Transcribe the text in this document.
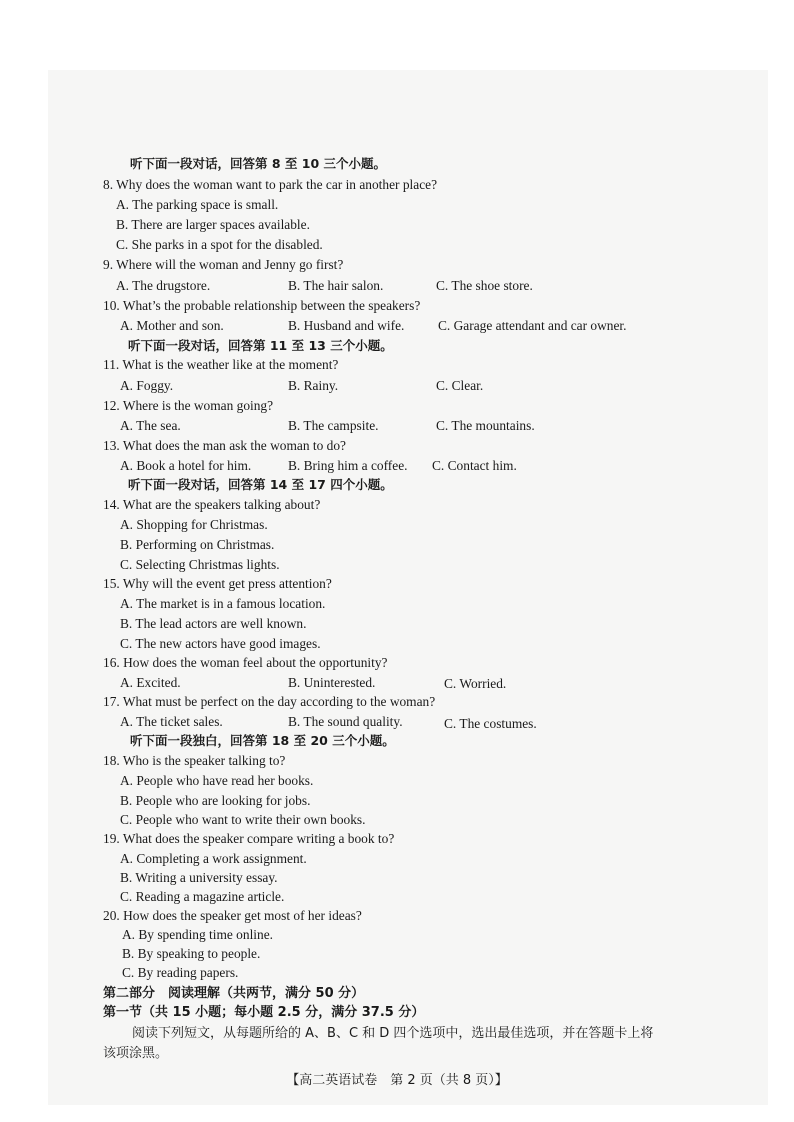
听下面一段对话，回答第 8 至 10 三个小题。
8. Why does the woman want to park the car in another place?
A. The parking space is small.
B. There are larger spaces available.
C. She parks in a spot for the disabled.
9. Where will the woman and Jenny go first?
A. The drugstore.	B. The hair salon.	C. The shoe store.
10. What’s the probable relationship between the speakers?
A. Mother and son.	B. Husband and wife.	C. Garage attendant and car owner.
听下面一段对话，回答第 11 至 13 三个小题。
11. What is the weather like at the moment?
A. Foggy.	B. Rainy.	C. Clear.
12. Where is the woman going?
A. The sea.	B. The campsite.	C. The mountains.
13. What does the man ask the woman to do?
A. Book a hotel for him.	B. Bring him a coffee. C. Contact him.
听下面一段对话，回答第 14 至 17 四个小题。
14. What are the speakers talking about?
A. Shopping for Christmas.
B. Performing on Christmas.
C. Selecting Christmas lights.
15. Why will the event get press attention?
A. The market is in a famous location.
B. The lead actors are well known.
C. The new actors have good images.
16. How does the woman feel about the opportunity?
A. Excited.	B. Uninterested.	C. Worried.
17. What must be perfect on the day according to the woman?
A. The ticket sales.	B. The sound quality.	C. The costumes.
听下面一段独白，回答第 18 至 20 三个小题。
18. Who is the speaker talking to?
A. People who have read her books.
B. People who are looking for jobs.
C. People who want to write their own books.
19. What does the speaker compare writing a book to?
A. Completing a work assignment.
B. Writing a university essay.
C. Reading a magazine article.
20. How does the speaker get most of her ideas?
A. By spending time online.
B. By speaking to people.
C. By reading papers.
第二部分　阅读理解（共两节，满分 50 分）
第一节（共 15 小题；每小题 2.5 分，满分 37.5 分）
阅读下列短文，从每题所给的 A、B、C 和 D 四个选项中，选出最佳选项，并在答题卡上将该项涂黑。
【高二英语试卷　第 2 页（共 8 页）】
